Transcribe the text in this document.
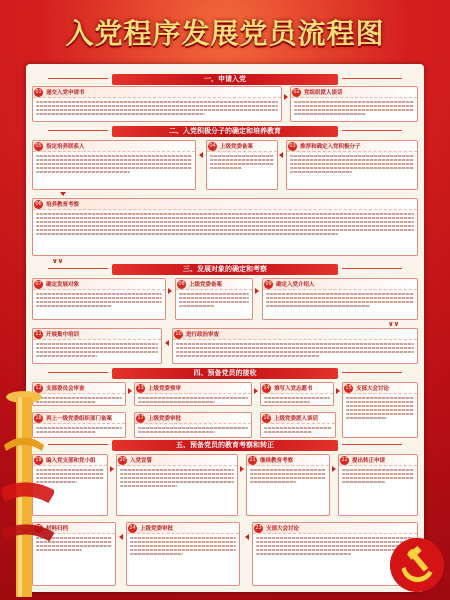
入党程序发展党员流程图
一、申请入党
二、入党积极分子的确定和培养教育
三、发展对象的确定和考察
四、预备党员的接收
五、预备党员的教育考察和转正
01 递交入党申请书	02 党组织派人谈话
03 推荐和确定入党积极分子
04 上级党委备案
05 指定培养联系人
06 培养教育考察
∨∨
07 确定发展对象	08 上级党委备案	09 确定入党介绍人
∨∨
10 进行政治审查
11 开展集中培训
12 支部委员会审查	13 上级党委预审	14 填写入党志愿书	15 支部大会讨论
16 上级党委派人谈话
17 上级党委审批
18 再上一级党委组织部门备案
19 编入党支部和党小组	20 入党宣誓	21 继续教育考察	22 提出转正申请
23 支部大会讨论
24 上级党委审批
25 材料归档
